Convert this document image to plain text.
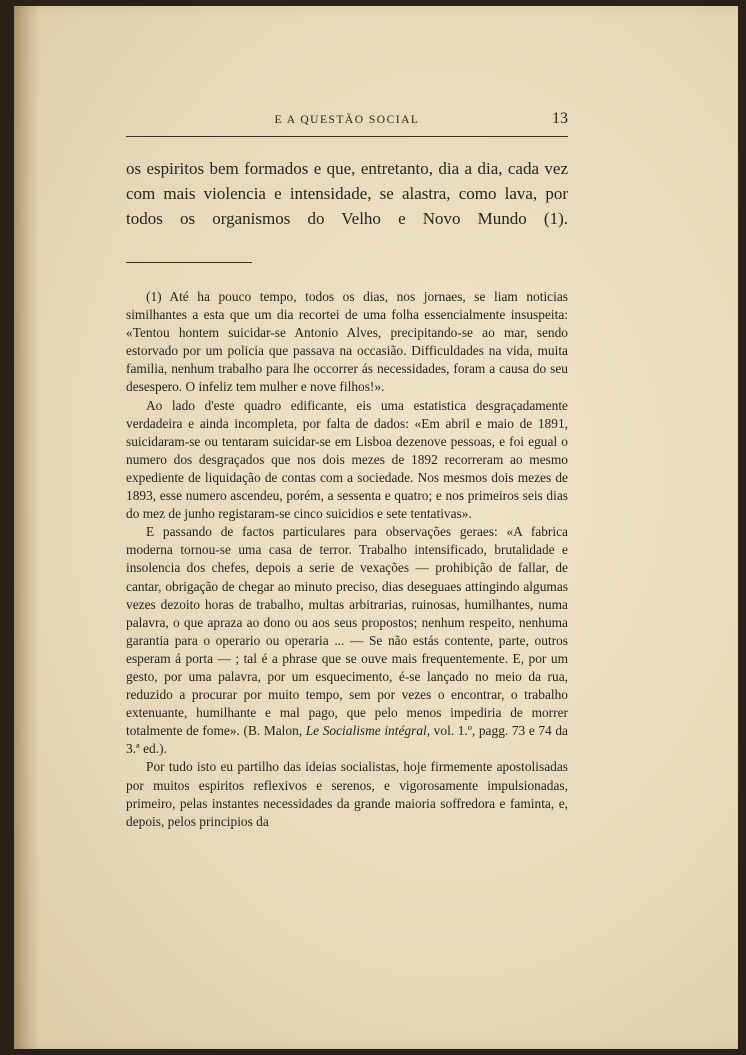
E A QUESTÃO SOCIAL	13

os espiritos bem formados e que, entretanto, dia a dia, cada vez com mais violencia e intensidade, se alastra, como lava, por todos os organismos do Velho e Novo Mundo (1).

(1) Até ha pouco tempo, todos os dias, nos jornaes, se liam noticias similhantes a esta que um dia recortei de uma folha essencialmente insuspeita: «Tentou hontem suicidar-se Antonio Alves, precipitando-se ao mar, sendo estorvado por um policia que passava na occasião. Difficuldades na vida, muita familia, nenhum trabalho para lhe occorrer ás necessidades, foram a causa do seu desespero. O infeliz tem mulher e nove filhos!».

Ao lado d'este quadro edificante, eis uma estatistica desgraçadamente verdadeira e ainda incompleta, por falta de dados: «Em abril e maio de 1891, suicidaram-se ou tentaram suicidar-se em Lisboa dezenove pessoas, e foi egual o numero dos desgraçados que nos dois mezes de 1892 recorreram ao mesmo expediente de liquidação de contas com a sociedade. Nos mesmos dois mezes de 1893, esse numero ascendeu, porém, a sessenta e quatro; e nos primeiros seis dias do mez de junho registaram-se cinco suicidios e sete tentativas».

E passando de factos particulares para observações geraes: «A fabrica moderna tornou-se uma casa de terror. Trabalho intensificado, brutalidade e insolencia dos chefes, depois a serie de vexações — prohibição de fallar, de cantar, obrigação de chegar ao minuto preciso, dias deseguaes attingindo algumas vezes dezoito horas de trabalho, multas arbitrarias, ruinosas, humilhantes, numa palavra, o que apraza ao dono ou aos seus propostos; nenhum respeito, nenhuma garantia para o operario ou operaria ... — Se não estás contente, parte, outros esperam á porta — ; tal é a phrase que se ouve mais frequentemente. E, por um gesto, por uma palavra, por um esquecimento, é-se lançado no meio da rua, reduzido a procurar por muito tempo, sem por vezes o encontrar, o trabalho extenuante, humilhante e mal pago, que pelo menos impediria de morrer totalmente de fome». (B. Malon, Le Socialisme intégral, vol. 1.º, pagg. 73 e 74 da 3.ª ed.).

Por tudo isto eu partilho das ideias socialistas, hoje firmemente apostolisadas por muitos espiritos reflexivos e serenos, e vigorosamente impulsionadas, primeiro, pelas instantes necessidades da grande maioria soffredora e faminta, e, depois, pelos principios da
